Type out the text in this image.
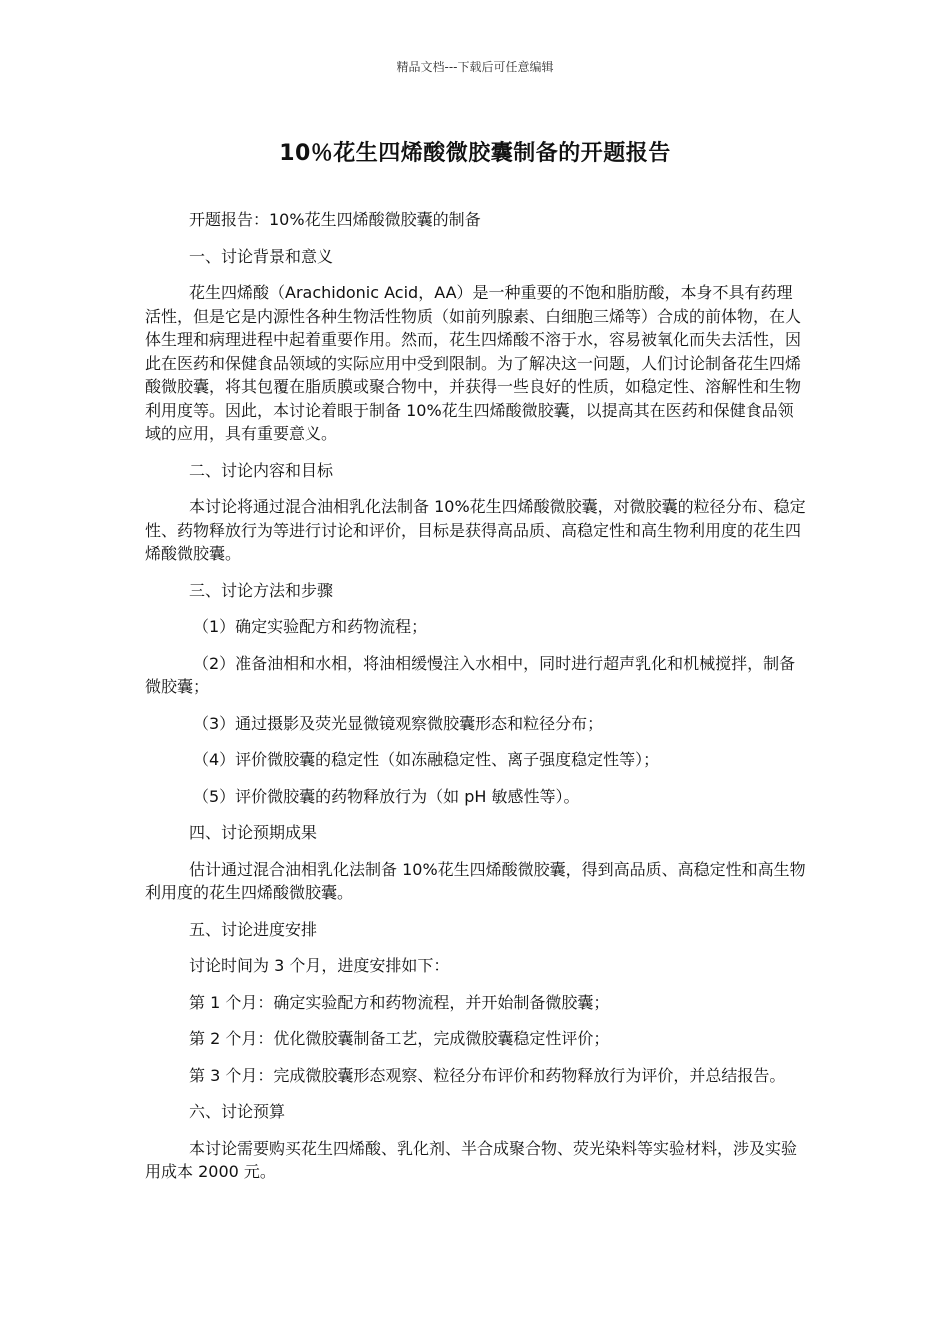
精品文档---下载后可任意编辑
10％花生四烯酸微胶囊制备的开题报告

开题报告：10%花生四烯酸微胶囊的制备

一、讨论背景和意义

花生四烯酸（Arachidonic Acid，AA）是一种重要的不饱和脂肪酸，本身不具有药理活性，但是它是内源性各种生物活性物质（如前列腺素、白细胞三烯等）合成的前体物，在人体生理和病理进程中起着重要作用。然而，花生四烯酸不溶于水，容易被氧化而失去活性，因此在医药和保健食品领域的实际应用中受到限制。为了解决这一问题，人们讨论制备花生四烯酸微胶囊，将其包覆在脂质膜或聚合物中，并获得一些良好的性质，如稳定性、溶解性和生物利用度等。因此，本讨论着眼于制备 10%花生四烯酸微胶囊，以提高其在医药和保健食品领域的应用，具有重要意义。

二、讨论内容和目标

本讨论将通过混合油相乳化法制备 10%花生四烯酸微胶囊，对微胶囊的粒径分布、稳定性、药物释放行为等进行讨论和评价，目标是获得高品质、高稳定性和高生物利用度的花生四烯酸微胶囊。

三、讨论方法和步骤

（1）确定实验配方和药物流程；

（2）准备油相和水相，将油相缓慢注入水相中，同时进行超声乳化和机械搅拌，制备微胶囊；

（3）通过摄影及荧光显微镜观察微胶囊形态和粒径分布；

（4）评价微胶囊的稳定性（如冻融稳定性、离子强度稳定性等）；

（5）评价微胶囊的药物释放行为（如 pH 敏感性等）。

四、讨论预期成果

估计通过混合油相乳化法制备 10%花生四烯酸微胶囊，得到高品质、高稳定性和高生物利用度的花生四烯酸微胶囊。

五、讨论进度安排

讨论时间为 3 个月，进度安排如下：

第 1 个月：确定实验配方和药物流程，并开始制备微胶囊；

第 2 个月：优化微胶囊制备工艺，完成微胶囊稳定性评价；

第 3 个月：完成微胶囊形态观察、粒径分布评价和药物释放行为评价，并总结报告。

六、讨论预算

本讨论需要购买花生四烯酸、乳化剂、半合成聚合物、荧光染料等实验材料，涉及实验用成本 2000 元。
